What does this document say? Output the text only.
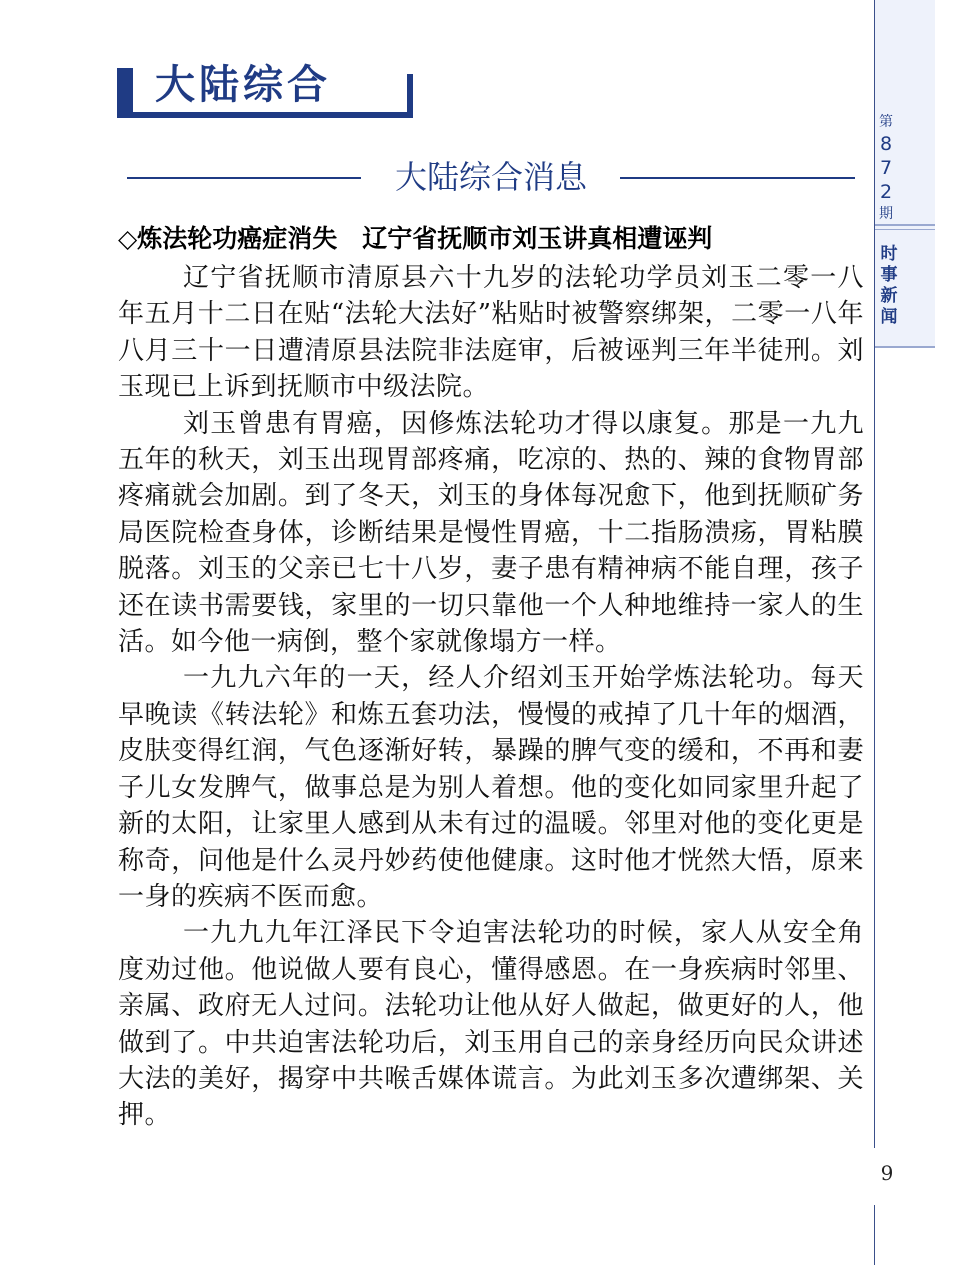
大陆综合
大陆综合消息
◇炼法轮功癌症消失　辽宁省抚顺市刘玉讲真相遭诬判

辽宁省抚顺市清原县六十九岁的法轮功学员刘玉二零一八年五月十二日在贴“法轮大法好”粘贴时被警察绑架，二零一八年八月三十一日遭清原县法院非法庭审，后被诬判三年半徒刑。刘玉现已上诉到抚顺市中级法院。

刘玉曾患有胃癌，因修炼法轮功才得以康复。那是一九九五年的秋天，刘玉出现胃部疼痛，吃凉的、热的、辣的食物胃部疼痛就会加剧。到了冬天，刘玉的身体每况愈下，他到抚顺矿务局医院检查身体，诊断结果是慢性胃癌，十二指肠溃疡，胃粘膜脱落。刘玉的父亲已七十八岁，妻子患有精神病不能自理，孩子还在读书需要钱，家里的一切只靠他一个人种地维持一家人的生活。如今他一病倒，整个家就像塌方一样。

一九九六年的一天，经人介绍刘玉开始学炼法轮功。每天早晚读《转法轮》和炼五套功法，慢慢的戒掉了几十年的烟酒，皮肤变得红润，气色逐渐好转，暴躁的脾气变的缓和，不再和妻子儿女发脾气，做事总是为别人着想。他的变化如同家里升起了新的太阳，让家里人感到从未有过的温暖。邻里对他的变化更是称奇，问他是什么灵丹妙药使他健康。这时他才恍然大悟，原来一身的疾病不医而愈。

一九九九年江泽民下令迫害法轮功的时候，家人从安全角度劝过他。他说做人要有良心，懂得感恩。在一身疾病时邻里、亲属、政府无人过问。法轮功让他从好人做起，做更好的人，他做到了。中共迫害法轮功后，刘玉用自己的亲身经历向民众讲述大法的美好，揭穿中共喉舌媒体谎言。为此刘玉多次遭绑架、关押。

第
872
期
时事新闻
9
